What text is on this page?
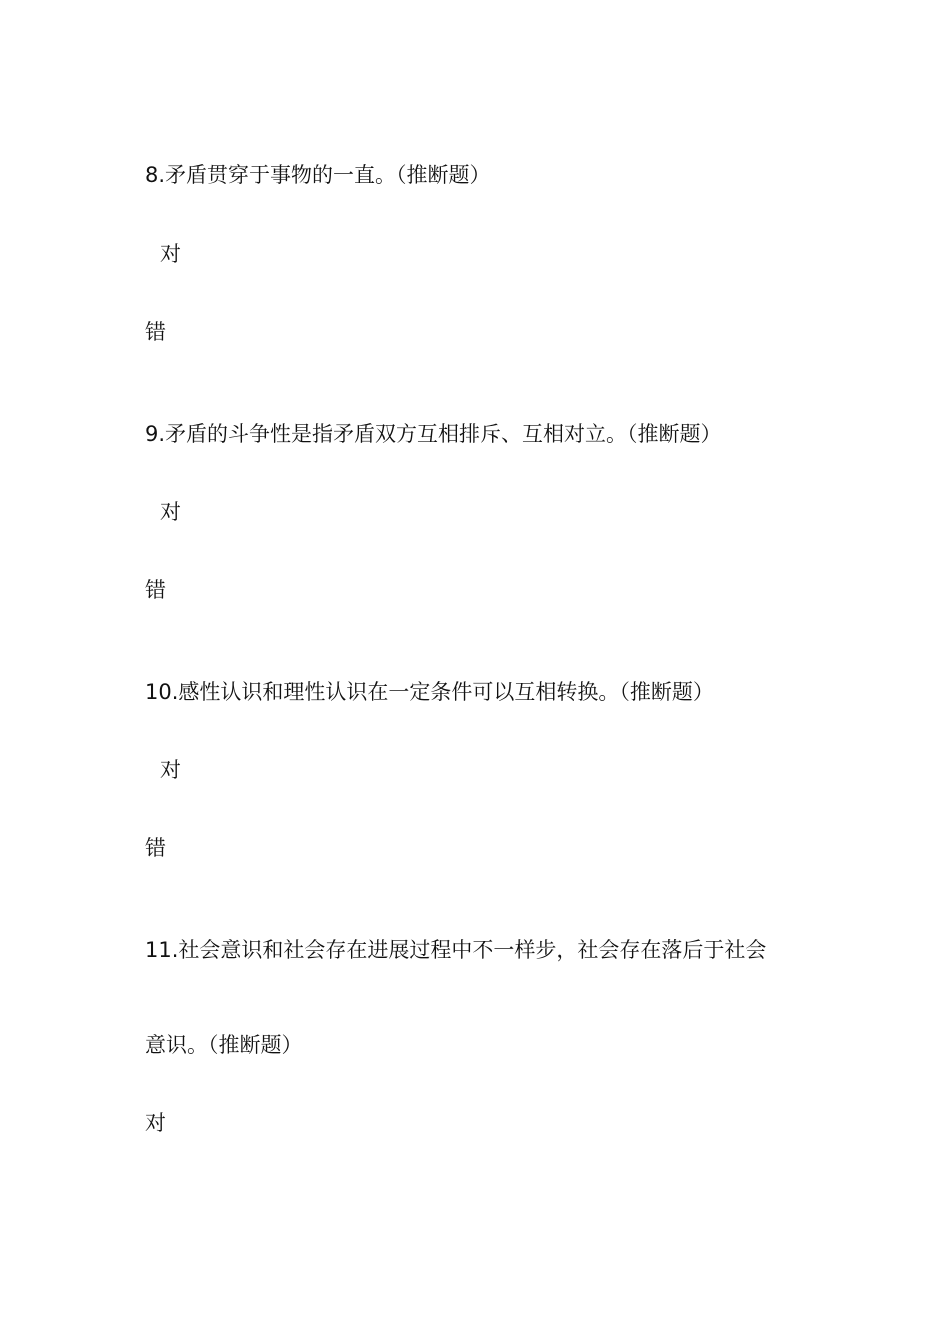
8.矛盾贯穿于事物的一直。（推断题）
对
错
9.矛盾的斗争性是指矛盾双方互相排斥、互相对立。（推断题）
对
错
10.感性认识和理性认识在一定条件可以互相转换。（推断题）
对
错
11.社会意识和社会存在进展过程中不一样步，社会存在落后于社会
意识。（推断题）
对
